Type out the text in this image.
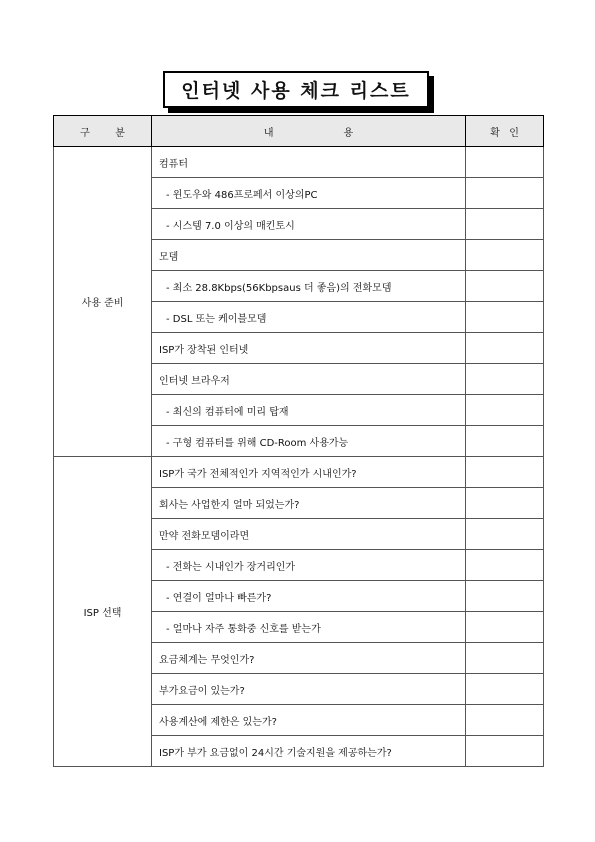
인터넷 사용 체크 리스트
구        분	내                      용	확   인
사용 준비	컴퓨터	
	- 윈도우와 486프로페서 이상의PC	
	- 시스템 7.0 이상의 매킨토시	
	모뎀	
	- 최소 28.8Kbps(56Kbpsaus 더 좋음)의 전화모뎀	
	- DSL 또는 케이블모뎀	
	ISP가 장착된 인터넷	
	인터넷 브라우저	
	- 최신의 컴퓨터에 미리 탑재	
	- 구형 컴퓨터를 위해 CD-Room 사용가능	
ISP 선택	ISP가 국가 전체적인가 지역적인가 시내인가?	
	회사는 사업한지 얼마 되었는가?	
	만약 전화모뎀이라면	
	- 전화는 시내인가 장거리인가	
	- 연결이 얼마나 빠른가?	
	- 얼마나 자주 통화중 신호를 받는가	
	요금체계는 무엇인가?	
	부가요금이 있는가?	
	사용계산에 제한은 있는가?	
	ISP가 부가 요금없이 24시간 기술지원을 제공하는가?	
